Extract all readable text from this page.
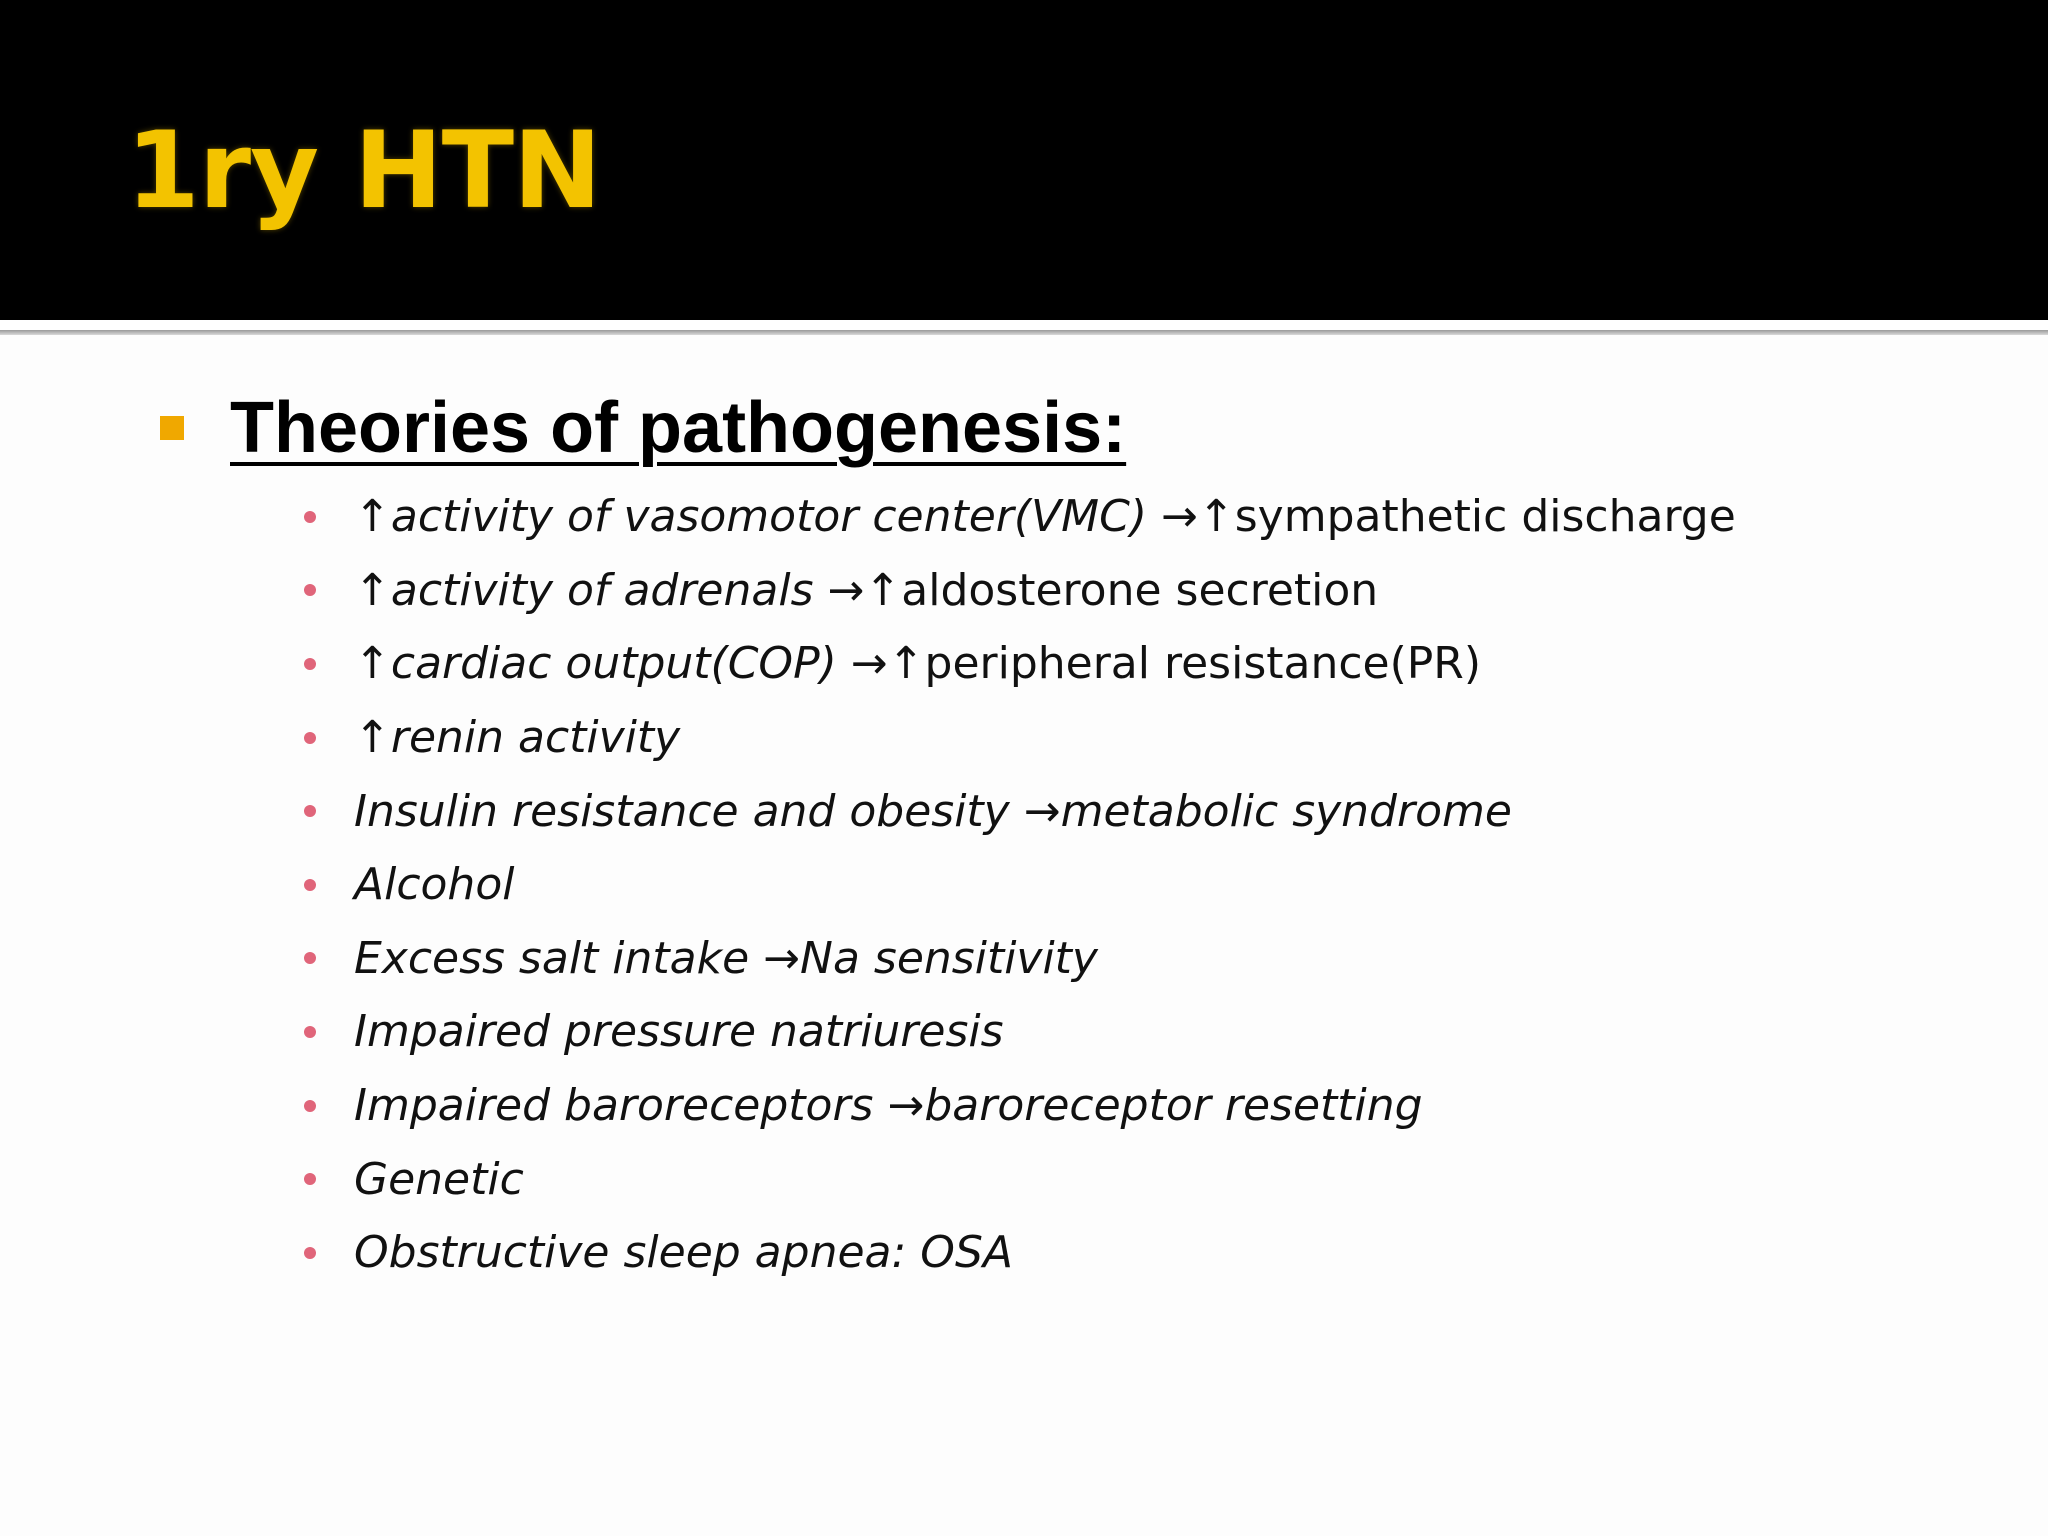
1ry HTN
Theories of pathogenesis:
↑ activity of vasomotor center(VMC)
→ ↑ sympathetic discharge
↑ activity of adrenals
→ ↑ aldosterone secretion
↑ cardiac output(COP)
→ ↑ peripheral resistance(PR)
↑ renin activity
Insulin resistance and obesity
→ metabolic syndrome
Alcohol
Excess salt intake
→ Na sensitivity
Impaired pressure natriuresis
Impaired baroreceptors
→ baroreceptor resetting
Genetic
Obstructive sleep apnea: OSA
